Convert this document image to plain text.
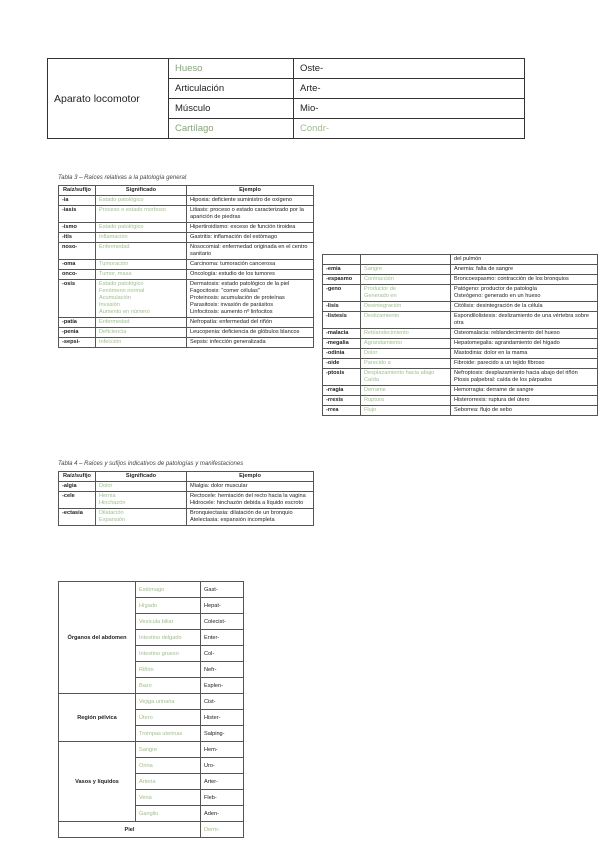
Aparato locomotor	Hueso	Oste-
	Articulación	Arte-
	Músculo	Mio-
	Cartílago	Condr-
Tabla 3 – Raíces relativas a la patología general
Raíz/sufijo	Significado	Ejemplo
-ia	Estado patológico	Hipoxia: deficiente suministro de oxígeno

-iasis	Proceso o estado morboso	Litiasis: proceso o estado caracterizado por la aparición de piedras

-ismo	Estado patológico	Hipertiroidismo: exceso de función tiroidea

-itis	Inflamación	Gastritis: inflamación del estómago

noso-	Enfermedad	Nosocomial: enfermedad originada en el centro sanitario

-oma	Tumoración	Carcinoma: tumoración cancerosa

onco-	Tumor, masa	Oncología: estudio de los tumores

-osis	Estado patológico
Fenómeno normal
Acumulación
Invasión
Aumento en número	Dermatosis: estado patológico de la piel
Fagocitosis: "comer células"
Proteinosis: acumulación de proteínas
Parasitosis: invasión de parásitos
Linfocitosis: aumento nº linfocitos

-patía	Enfermedad	Nefropatía: enfermedad del riñón

-penia	Deficiencia	Leucopenia: deficiencia de glóbulos blancos

-sepsi-	Infección	Sepsis: infección generalizada
Tabla 4 – Raíces y sufijos indicativos de patologías y manifestaciones
Raíz/sufijo	Significado	Ejemplo
-algia	Dolor	Mialgia: dolor muscular

-cele	Hernia
Hinchazón	Rectocele: herniación del recto hacia la vagina
Hidrocele: hinchazón debida a líquido escroto

-ectasia	Dilatación
Expansión	Bronquiectasia: dilatación de un bronquio
Atelectasia: expansión incompleta

		del pulmón

-emia	Sangre	Anemia: falta de sangre

-espasmo	Contracción	Broncoespasmo: contracción de los bronquios

-geno	Productor de
Generado en	Patógeno: productor de patología
Osteógeno: generado en un hueso

-lisis	Desintegración	Citólisis: desintegración de la célula

-listesis	Deslizamiento	Espondilolistesis: deslizamiento de una vértebra sobre otra

-malacia	Reblandecimiento	Osteomalacia: reblandecimiento del hueso

-megalia	Agrandamiento	Hepatomegalia: agrandamiento del hígado

-odinia	Dolor	Mastodinia: dolor en la mama

-oide	Parecido a	Fibroide: parecido a un tejido fibroso

-ptosis	Desplazamiento hacia abajo
Caída	Nefroptosis: desplazamiento hacia abajo del riñón
Ptosis palpebral: caída de los párpados

-rragia	Derrame	Hemorragia: derrame de sangre

-rrexis	Ruptura	Histerorrexis: ruptura del útero

-rrea	Flujo	Seborrea: flujo de sebo
Órganos del abdomen	Estómago	Gast-
	Hígado	Hepat-
	Vesícula biliar	Colecist-
	Intestino delgado	Enter-
	Intestino grueso	Col-
	Riñón	Nefr-
	Bazo	Esplen-
Región pélvica	Vejiga urinaria	Cist-
	Útero	Hister-
	Trompas uterinas	Salping-
Vasos y líquidos	Sangre	Hem-
	Orina	Uro-
	Arteria	Arter-
	Vena	Fleb-
	Ganglio	Aden-
Piel		Derm-
